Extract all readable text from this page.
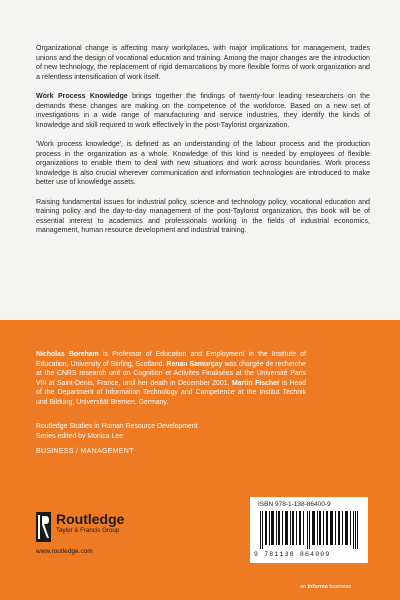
Organizational change is affecting many workplaces, with major implications for management, trades unions and the design of vocational education and training. Among the major changes are the introduction of new technology, the replacement of rigid demarcations by more flexible forms of work organization and a relentless intensification of work itself.

Work Process Knowledge brings together the findings of twenty-four leading researchers on the demands these changes are making on the competence of the workforce. Based on a new set of investigations in a wide range of manufacturing and service industries, they identify the kinds of knowledge and skill required to work effectively in the post-Taylorist organization.

'Work process knowledge', is defined as an understanding of the labour process and the production process in the organization as a whole. Knowledge of this kind is needed by employees of flexible organizations to enable them to deal with new situations and work across boundaries. Work process knowledge is also crucial wherever communication and information technologies are introduced to make better use of knowledge assets.

Raising fundamental issues for industrial policy, science and technology policy, vocational education and training policy and the day-to-day management of the post-Taylorist organization, this book will be of essential interest to academics and professionals working in the fields of industrial economics, management, human resource development and industrial training.

Nicholas Boreham is Professor of Education and Employment in the Institute of Education, University of Stirling, Scotland. Renan Samurçay was chargée de recherche at the CNRS research unit on Cognition et Activités Finalisées at the Université Paris VIII at Saint-Denis, France, until her death in December 2001. Martin Fischer is Head of the Department of Information Technology and Competence at the Institut Technik und Bildung, Universität Bremen, Germany.
Routledge Studies in Human Resource Development
Series edited by Monica Lee
BUSINESS / MANAGEMENT
Routledge
Taylor & Francis Group
www.routledge.com
ISBN 978-1-138-86400-9
9 781138 864009
an informa business
